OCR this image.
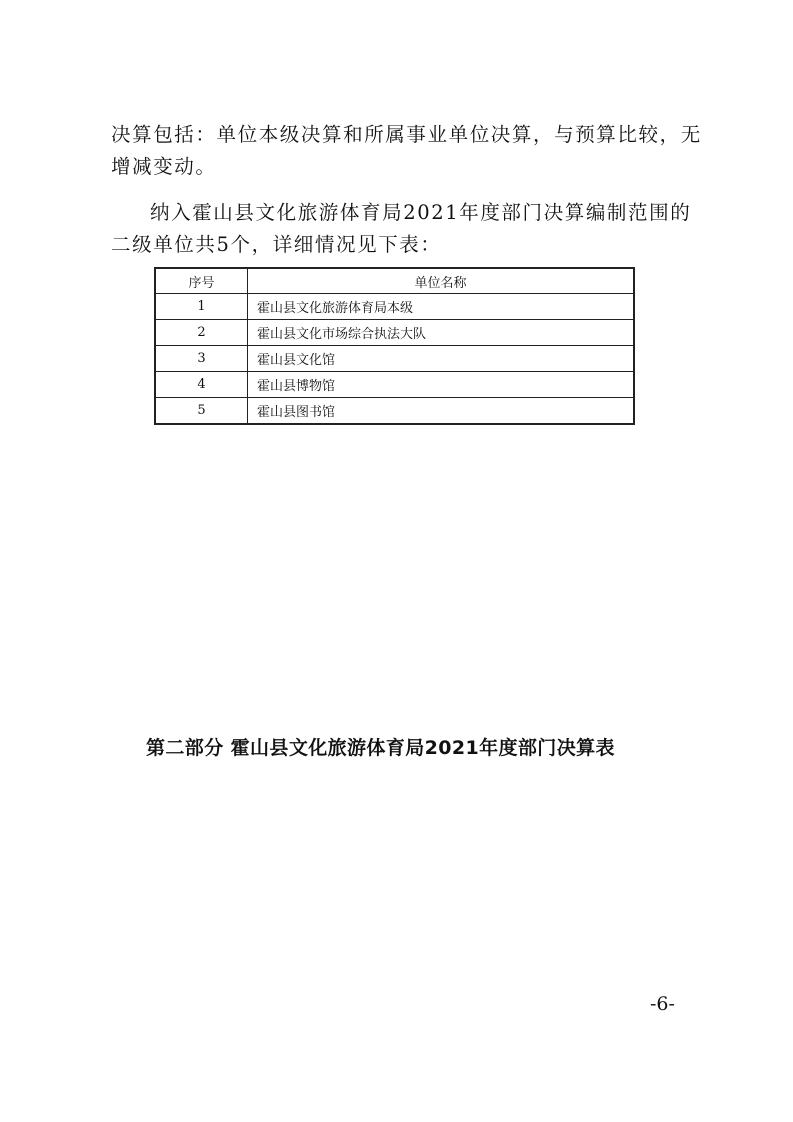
决算包括：单位本级决算和所属事业单位决算，与预算比较，无
增减变动。
纳入霍山县文化旅游体育局2021年度部门决算编制范围的
二级单位共5个，详细情况见下表：
序号	单位名称
1	霍山县文化旅游体育局本级
2	霍山县文化市场综合执法大队
3	霍山县文化馆
4	霍山县博物馆
5	霍山县图书馆
第二部分 霍山县文化旅游体育局2021年度部门决算表
-6-
